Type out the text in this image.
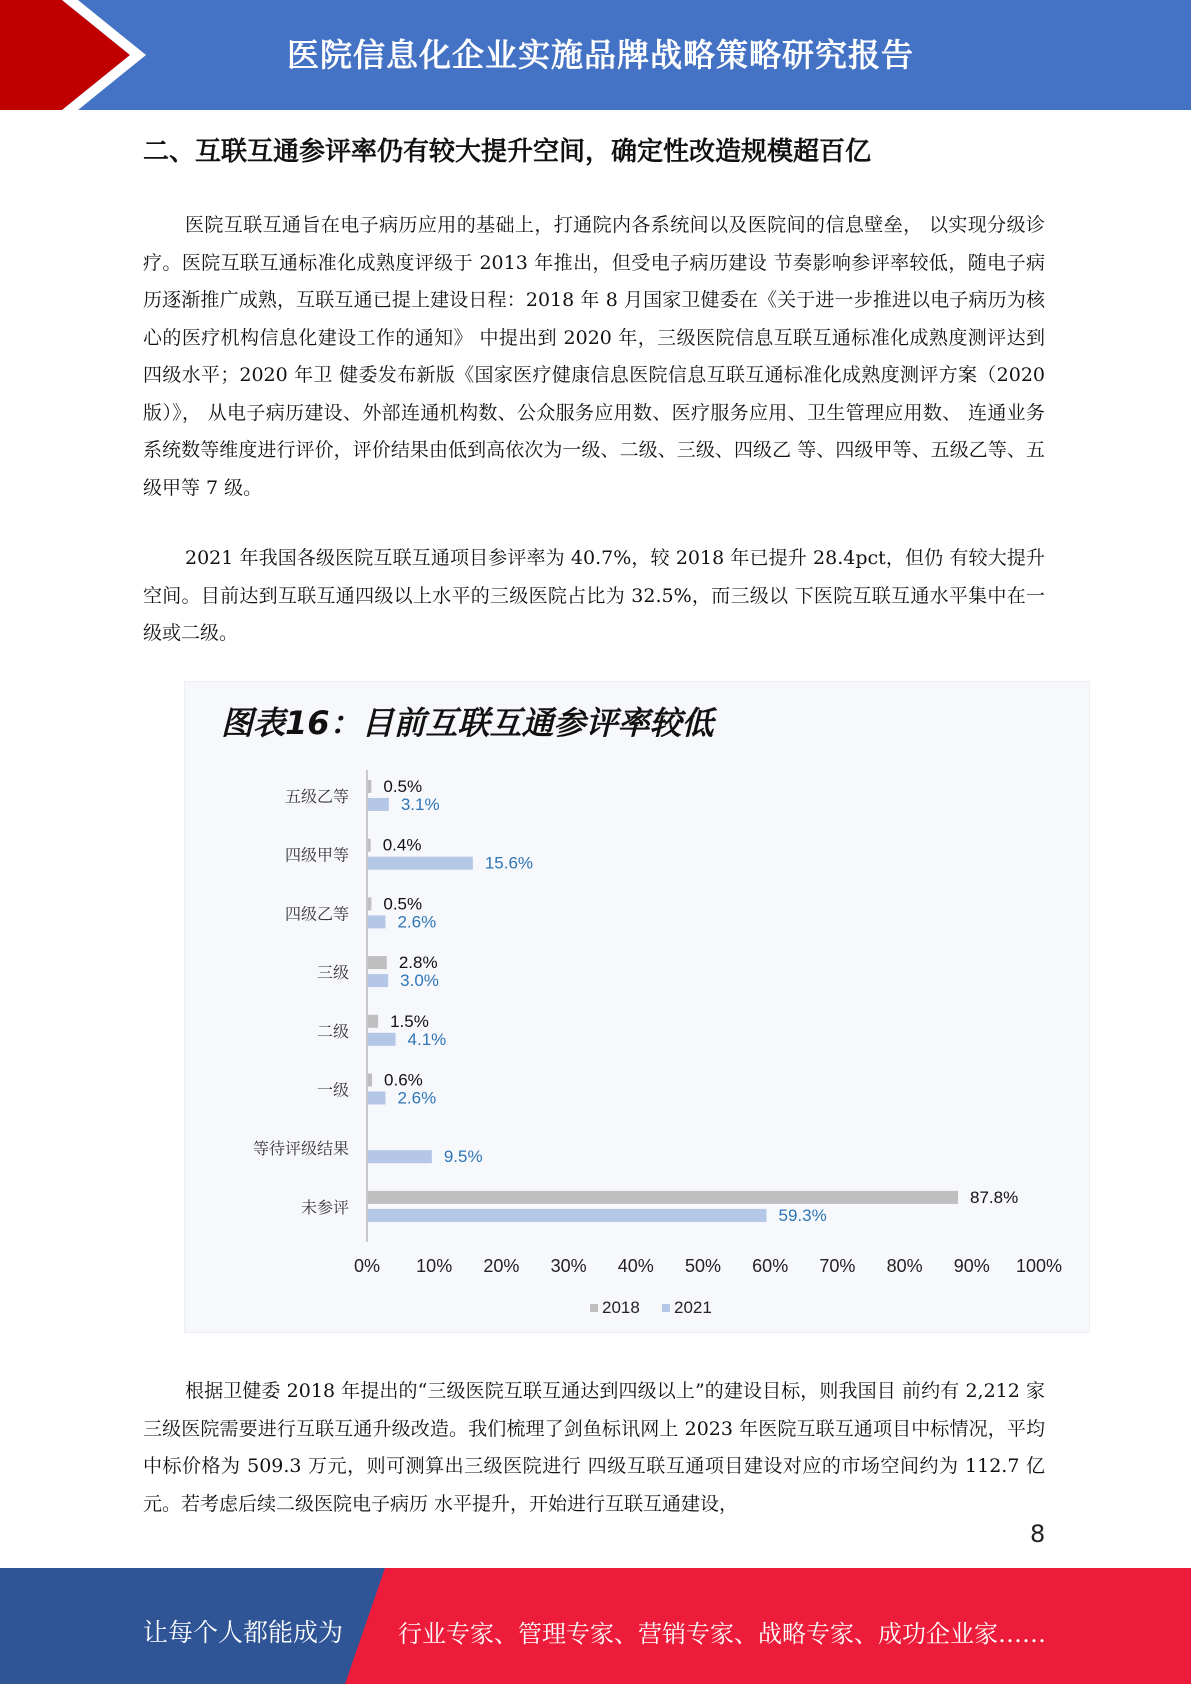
医院信息化企业实施品牌战略策略研究报告
二、互联互通参评率仍有较大提升空间，确定性改造规模超百亿

医院互联互通旨在电子病历应用的基础上，打通院内各系统间以及医院间的信息壁垒， 以实现分级诊疗。医院互联互通标准化成熟度评级于 2013 年推出，但受电子病历建设 节奏影响参评率较低，随电子病历逐渐推广成熟，互联互通已提上建设日程：2018 年 8 月国家卫健委在《关于进一步推进以电子病历为核心的医疗机构信息化建设工作的通知》 中提出到 2020 年，三级医院信息互联互通标准化成熟度测评达到四级水平；2020 年卫 健委发布新版《国家医疗健康信息医院信息互联互通标准化成熟度测评方案（2020 版）》， 从电子病历建设、外部连通机构数、公众服务应用数、医疗服务应用、卫生管理应用数、 连通业务系统数等维度进行评价，评价结果由低到高依次为一级、二级、三级、四级乙 等、四级甲等、五级乙等、五级甲等 7 级。

2021 年我国各级医院互联互通项目参评率为 40.7%，较 2018 年已提升 28.4pct，但仍 有较大提升空间。目前达到互联互通四级以上水平的三级医院占比为 32.5%，而三级以 下医院互联互通水平集中在一级或二级。

图表16：目前互联互通参评率较低
五级乙等
0.5%
3.1%
四级甲等
0.4%
15.6%
四级乙等
0.5%
2.6%
三级
2.8%
3.0%
二级
1.5%
4.1%
一级
0.6%
2.6%
等待评级结果	9.5%
未参评
87.8%
59.3%
0% 10% 20% 30% 40% 50% 60% 70% 80% 90% 100%
2018 2021

根据卫健委 2018 年提出的“三级医院互联互通达到四级以上”的建设目标，则我国目 前约有 2,212 家三级医院需要进行互联互通升级改造。我们梳理了剑鱼标讯网上 2023 年医院互联互通项目中标情况，平均中标价格为 509.3 万元，则可测算出三级医院进行 四级互联互通项目建设对应的市场空间约为 112.7 亿元。若考虑后续二级医院电子病历 水平提升，开始进行互联互通建设，

8
让每个人都能成为 行业专家、管理专家、营销专家、战略专家、成功企业家……
